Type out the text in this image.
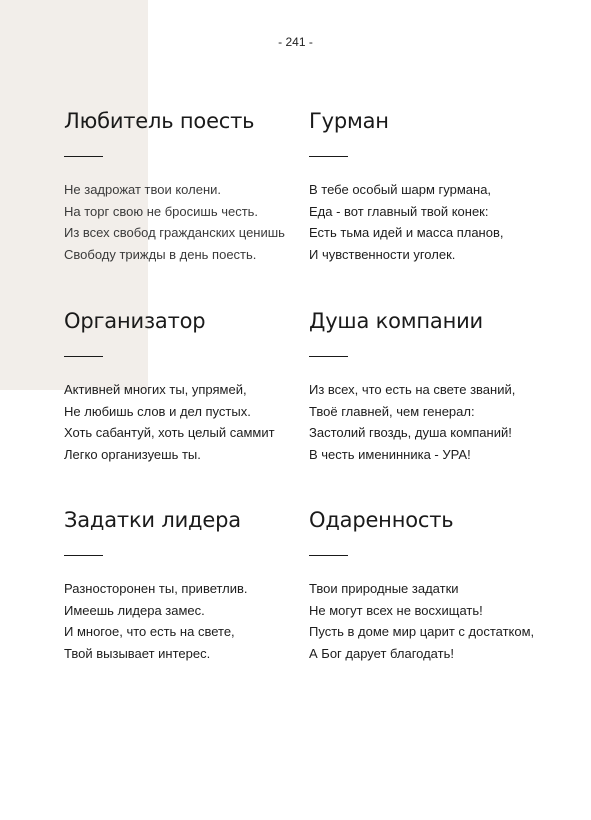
- 241 -
Любитель поесть
Не задрожат твои колени.
На торг свою не бросишь честь.
Из всех свобод гражданских ценишь
Свободу трижды в день поесть.
Гурман
В тебе особый шарм гурмана,
Еда - вот главный твой конек:
Есть тьма идей и масса планов,
И чувственности уголек.
Организатор
Активней многих ты, упрямей,
Не любишь слов и дел пустых.
Хоть сабантуй, хоть целый саммит
Легко организуешь ты.
Душа компании
Из всех, что есть на свете званий,
Твоё главней, чем генерал:
Застолий гвоздь, душа компаний!
В честь именинника - УРА!
Задатки лидера
Разносторонен ты, приветлив.
Имеешь лидера замес.
И многое, что есть на свете,
Твой вызывает интерес.
Одаренность
Твои природные задатки
Не могут всех не восхищать!
Пусть в доме мир царит с достатком,
А Бог дарует благодать!
